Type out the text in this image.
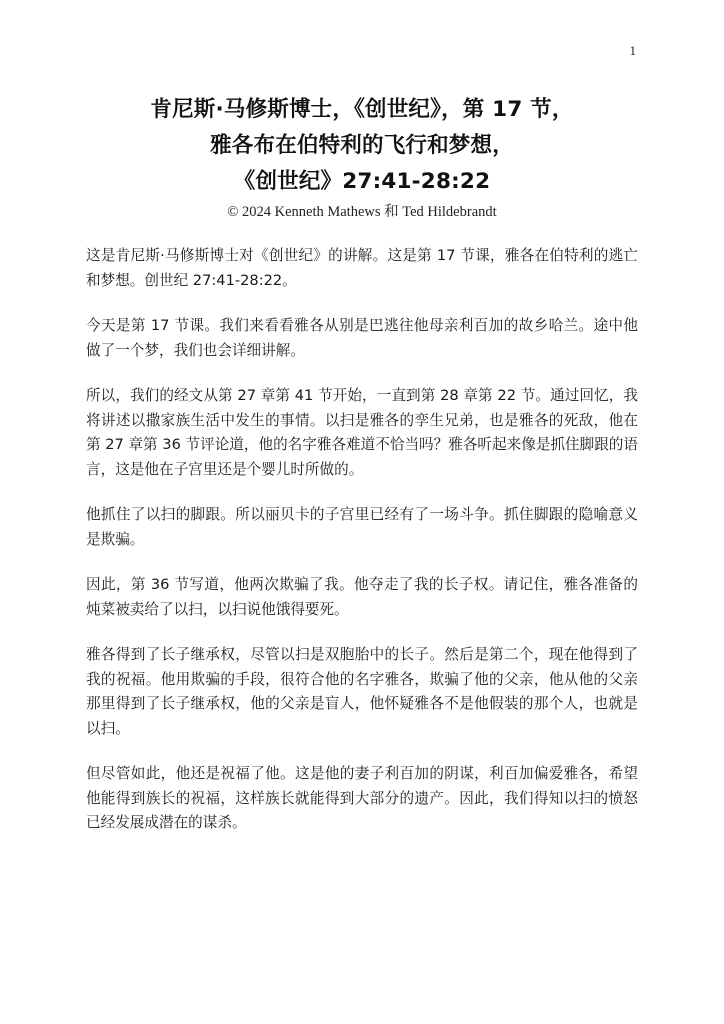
1
肯尼斯·马修斯博士，《创世纪》，第 17 节，
雅各布在伯特利的飞行和梦想，
《创世纪》27:41-28:22
© 2024 Kenneth Mathews 和 Ted Hildebrandt

这是肯尼斯·马修斯博士对《创世纪》的讲解。这是第 17 节课，雅各在伯特利的逃亡和梦想。创世纪 27:41-28:22。

今天是第 17 节课。我们来看看雅各从别是巴逃往他母亲利百加的故乡哈兰。途中他做了一个梦，我们也会详细讲解。

所以，我们的经文从第 27 章第 41 节开始，一直到第 28 章第 22 节。通过回忆，我将讲述以撒家族生活中发生的事情。以扫是雅各的孪生兄弟，也是雅各的死敌，他在第 27 章第 36 节评论道，他的名字雅各难道不恰当吗？雅各听起来像是抓住脚跟的语言，这是他在子宫里还是个婴儿时所做的。

他抓住了以扫的脚跟。所以丽贝卡的子宫里已经有了一场斗争。抓住脚跟的隐喻意义是欺骗。

因此，第 36 节写道，他两次欺骗了我。他夺走了我的长子权。请记住，雅各准备的炖菜被卖给了以扫，以扫说他饿得要死。

雅各得到了长子继承权，尽管以扫是双胞胎中的长子。然后是第二个，现在他得到了我的祝福。他用欺骗的手段，很符合他的名字雅各，欺骗了他的父亲，他从他的父亲那里得到了长子继承权，他的父亲是盲人，他怀疑雅各不是他假装的那个人，也就是以扫。

但尽管如此，他还是祝福了他。这是他的妻子利百加的阴谋，利百加偏爱雅各，希望他能得到族长的祝福，这样族长就能得到大部分的遗产。因此，我们得知以扫的愤怒已经发展成潜在的谋杀。
